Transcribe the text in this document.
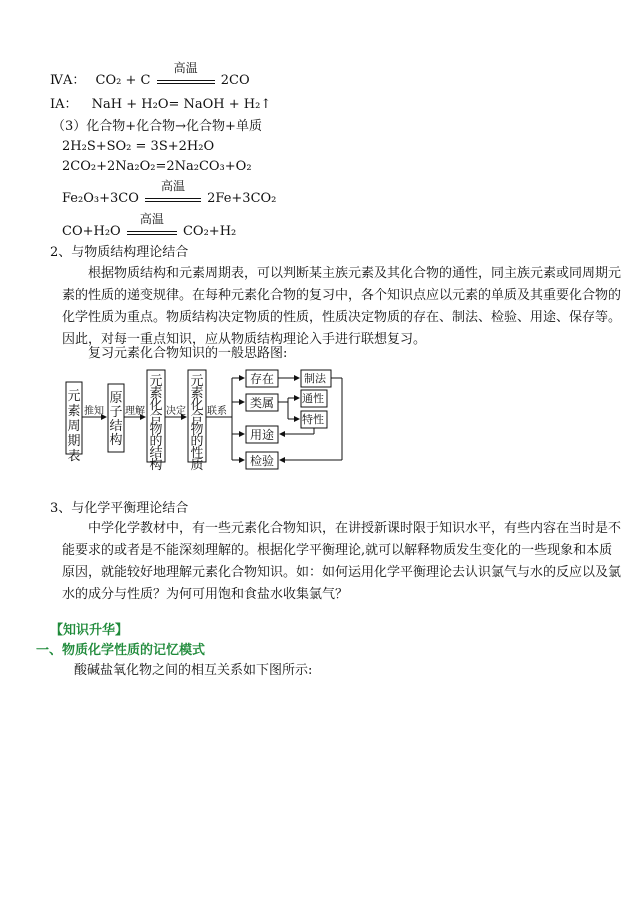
ⅣA： CO₂ + C
高温
2CO
ⅠA： NaH + H₂O= NaOH + H₂↑
（3）化合物+化合物→化合物+单质
2H₂S+SO₂ = 3S+2H₂O
2CO₂+2Na₂O₂=2Na₂CO₃+O₂
Fe₂O₃+3CO
高温
2Fe+3CO₂
CO+H₂O
高温
CO₂+H₂
2、与物质结构理论结合
根据物质结构和元素周期表，可以判断某主族元素及其化合物的通性，同主族元素或同周期元素的性质的递变规律。在每种元素化合物的复习中，各个知识点应以元素的单质及其重要化合物的化学性质为重点。物质结构决定物质的性质，性质决定物质的存在、制法、检验、用途、保存等。因此，对每一重点知识，应从物质结构理论入手进行联想复习。
复习元素化合物知识的一般思路图:
推知 理解 决定 联系
存在	制法
类属	通性
特性
用途
检验
元素周期表
原子结构
元素化合物的结构
元素化合物的性质
3、与化学平衡理论结合
中学化学教材中，有一些元素化合物知识，在讲授新课时限于知识水平，有些内容在当时是不能要求的或者是不能深刻理解的。根据化学平衡理论,就可以解释物质发生变化的一些现象和本质原因，就能较好地理解元素化合物知识。如：如何运用化学平衡理论去认识氯气与水的反应以及氯水的成分与性质？为何可用饱和食盐水收集氯气？
【知识升华】
一、物质化学性质的记忆模式
酸碱盐氧化物之间的相互关系如下图所示:
